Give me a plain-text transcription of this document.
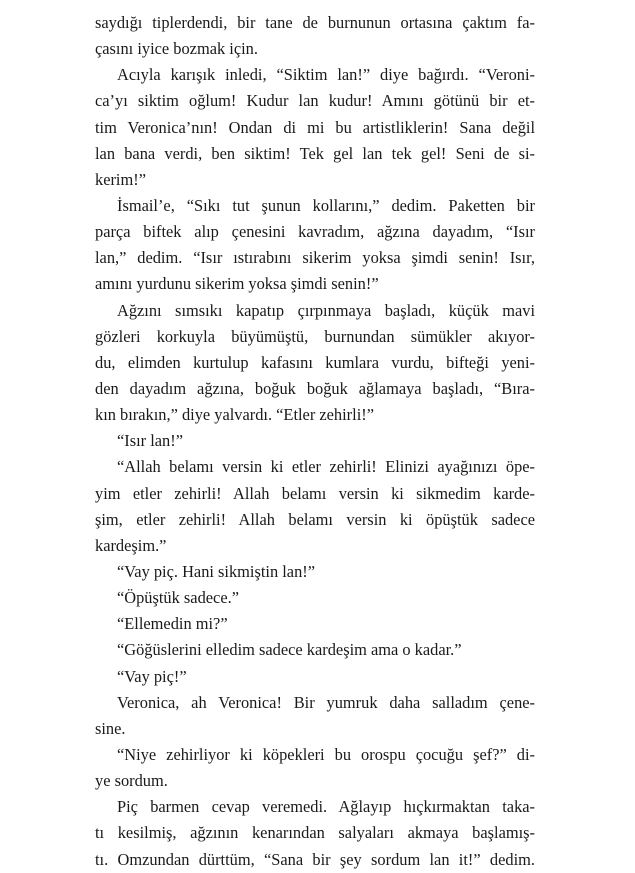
saydığı tiplerdendi, bir tane de burnunun ortasına çaktım fa-
çasını iyice bozmak için.
Acıyla karışık inledi, “Siktim lan!” diye bağırdı. “Veroni-
ca’yı siktim oğlum! Kudur lan kudur! Amını götünü bir et-
tim Veronica’nın! Ondan di mi bu artistliklerin! Sana değil
lan bana verdi, ben siktim! Tek gel lan tek gel! Seni de si-
kerim!”
İsmail’e, “Sıkı tut şunun kollarını,” dedim. Paketten bir
parça biftek alıp çenesini kavradım, ağzına dayadım, “Isır
lan,” dedim. “Isır ıstırabını sikerim yoksa şimdi senin! Isır,
amını yurdunu sikerim yoksa şimdi senin!”
Ağzını sımsıkı kapatıp çırpınmaya başladı, küçük mavi
gözleri korkuyla büyümüştü, burnundan sümükler akıyor-
du, elimden kurtulup kafasını kumlara vurdu, bifteği yeni-
den dayadım ağzına, boğuk boğuk ağlamaya başladı, “Bıra-
kın bırakın,” diye yalvardı. “Etler zehirli!”
“Isır lan!”
“Allah belamı versin ki etler zehirli! Elinizi ayağınızı öpe-
yim etler zehirli! Allah belamı versin ki sikmedim karde-
şim, etler zehirli! Allah belamı versin ki öpüştük sadece
kardeşim.”
“Vay piç. Hani sikmiştin lan!”
“Öpüştük sadece.”
“Ellemedin mi?”
“Göğüslerini elledim sadece kardeşim ama o kadar.”
“Vay piç!”
Veronica, ah Veronica! Bir yumruk daha salladım çene-
sine.
“Niye zehirliyor ki köpekleri bu orospu çocuğu şef?” di-
ye sordum.
Piç barmen cevap veremedi. Ağlayıp hıçkırmaktan taka-
tı kesilmiş, ağzının kenarından salyaları akmaya başlamış-
tı. Omzundan dürttüm, “Sana bir şey sordum lan it!” dedim.
